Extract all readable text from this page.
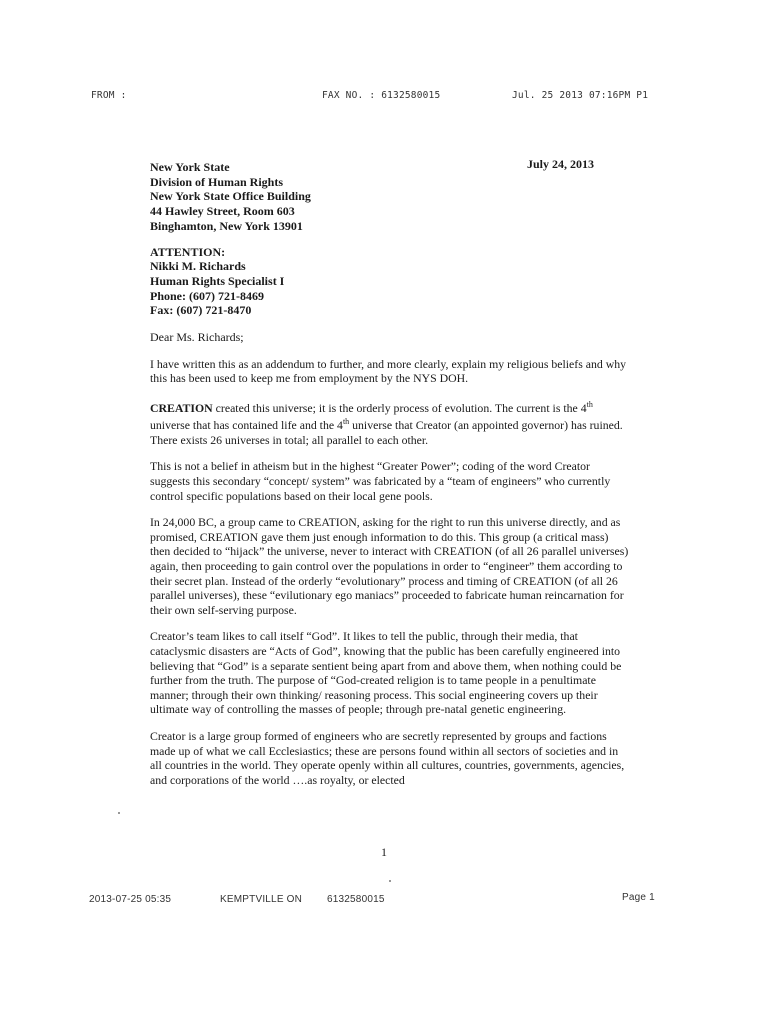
FROM :	FAX NO. : 6132580015	Jul. 25 2013 07:16PM P1
July 24, 2013
New York State
Division of Human Rights
New York State Office Building
44 Hawley Street, Room 603
Binghamton, New York 13901
ATTENTION:
Nikki M. Richards
Human Rights Specialist I
Phone: (607) 721-8469
Fax: (607) 721-8470
Dear Ms. Richards;
I have written this as an addendum to further, and more clearly, explain my religious beliefs and why this has been used to keep me from employment by the NYS DOH.
CREATION created this universe; it is the orderly process of evolution. The current is the 4th universe that has contained life and the 4th universe that Creator (an appointed governor) has ruined. There exists 26 universes in total; all parallel to each other.
This is not a belief in atheism but in the highest “Greater Power”; coding of the word Creator suggests this secondary “concept/ system” was fabricated by a “team of engineers” who currently control specific populations based on their local gene pools.
In 24,000 BC, a group came to CREATION, asking for the right to run this universe directly, and as promised, CREATION gave them just enough information to do this. This group (a critical mass) then decided to “hijack” the universe, never to interact with CREATION (of all 26 parallel universes) again, then proceeding to gain control over the populations in order to “engineer” them according to their secret plan. Instead of the orderly “evolutionary” process and timing of CREATION (of all 26 parallel universes), these “evilutionary ego maniacs” proceeded to fabricate human reincarnation for their own self-serving purpose.
Creator’s team likes to call itself “God”. It likes to tell the public, through their media, that cataclysmic disasters are “Acts of God”, knowing that the public has been carefully engineered into believing that “God” is a separate sentient being apart from and above them, when nothing could be further from the truth. The purpose of “God-created religion is to tame people in a penultimate manner; through their own thinking/ reasoning process. This social engineering covers up their ultimate way of controlling the masses of people; through pre-natal genetic engineering.
Creator is a large group formed of engineers who are secretly represented by groups and factions made up of what we call Ecclesiastics; these are persons found within all sectors of societies and in all countries in the world. They operate openly within all cultures, countries, governments, agencies, and corporations of the world ….as royalty, or elected
1
2013-07-25 05:35	KEMPTVILLE ON 6132580015	Page 1
